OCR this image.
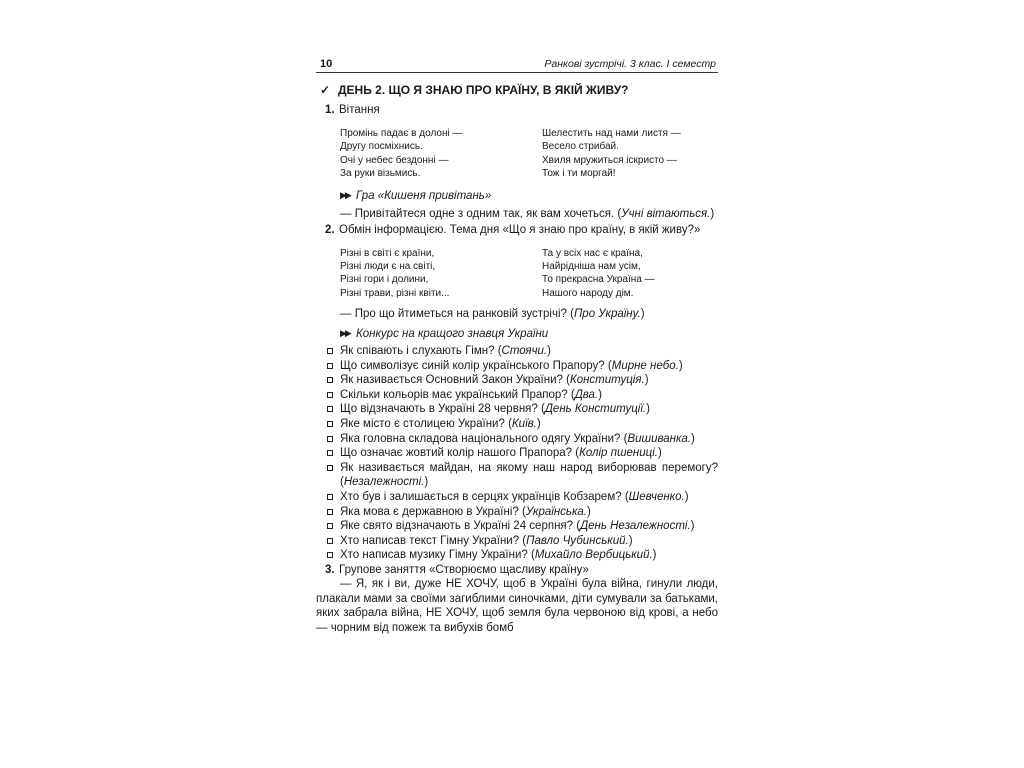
10	Ранкові зустрічі. 3 клас. I семестр
✓ ДЕНЬ 2. ЩО Я ЗНАЮ ПРО КРАЇНУ, В ЯКІЙ ЖИВУ?
1. Вітання
Промінь падає в долоні —
Другу посміхнись.
Очі у небес бездонні —
За руки візьмись.
Шелестить над нами листя —
Весело стрибай.
Хвиля мружиться іскристо —
Тож і ти моргай!
▶▶ Гра «Кишеня привітань»
— Привітайтеся одне з одним так, як вам хочеться. (Учні вітаються.)
2. Обмін інформацією. Тема дня «Що я знаю про країну, в якій живу?»
Різні в світі є країни,
Різні люди є на світі,
Різні гори і долини,
Різні трави, різні квіти...
Та у всіх нас є країна,
Найрідніша нам усім,
То прекрасна Україна —
Нашого народу дім.
— Про що йтиметься на ранковій зустрічі? (Про Україну.)
▶▶ Конкурс на кращого знавця України
Як співають і слухають Гімн? (Стоячи.)
Що символізує синій колір українського Прапору? (Мирне небо.)
Як називається Основний Закон України? (Конституція.)
Скільки кольорів має український Прапор? (Два.)
Що відзначають в Україні 28 червня? (День Конституції.)
Яке місто є столицею України? (Київ.)
Яка головна складова національного одягу України? (Вишиванка.)
Що означає жовтий колір нашого Прапора? (Колір пшениці.)
Як називається майдан, на якому наш народ виборював перемогу? (Незалежності.)
Хто був і залишається в серцях українців Кобзарем? (Шевченко.)
Яка мова є державною в Україні? (Українська.)
Яке свято відзначають в Україні 24 серпня? (День Незалежності.)
Хто написав текст Гімну України? (Павло Чубинський.)
Хто написав музику Гімну України? (Михайло Вербицький.)
3. Групове заняття «Створюємо щасливу країну»
— Я, як і ви, дуже НЕ ХОЧУ, щоб в Україні була війна, гинули люди, плакали мами за своїми загиблими синочками, діти сумували за батьками, яких забрала війна, НЕ ХОЧУ, щоб земля була червоною від крові, а небо — чорним від пожеж та вибухів бомб
